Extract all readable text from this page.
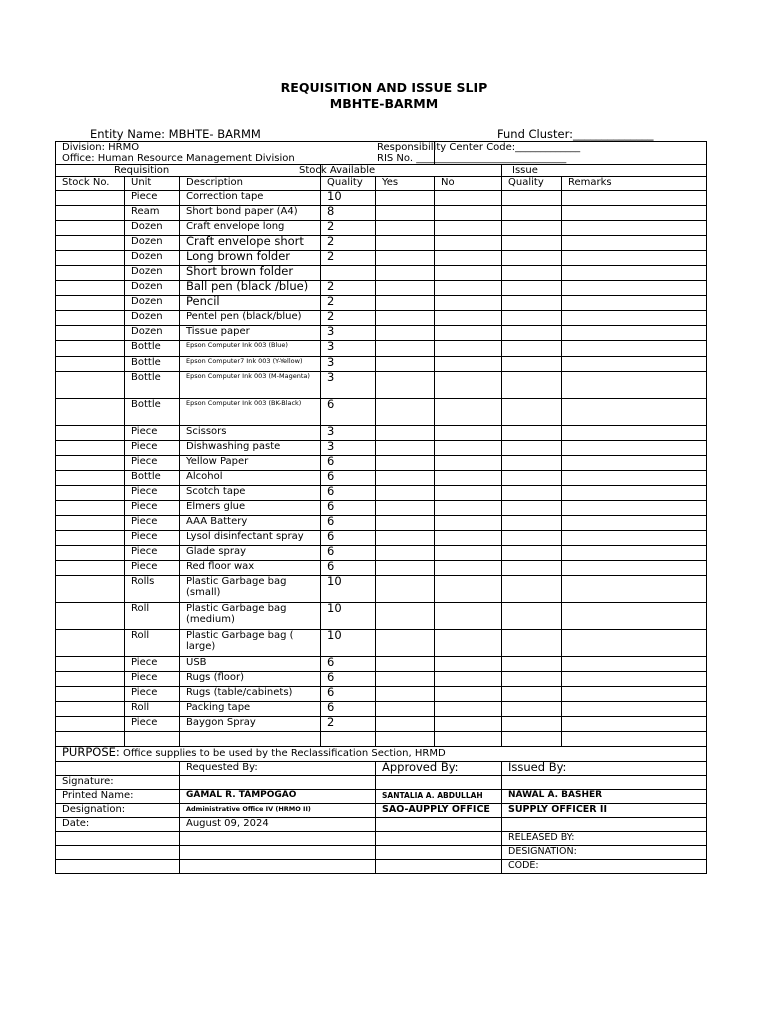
REQUISITION AND ISSUE SLIP
MBHTE-BARMM
Entity Name: MBHTE- BARMM	Fund Cluster:______________
Division: HRMO					Responsibility Center Code:_____________		
Office: Human Resource Management Division					RIS No. ______________________________		
Requisition			Stock Available			Issue	
Stock No.	Unit	Description	Quality	Yes	No	Quality	Remarks
	Piece	Correction tape	10				
	Ream	Short bond paper (A4)	8				
	Dozen	Craft envelope long	2				
	Dozen	Craft envelope short	2				
	Dozen	Long brown folder	2				
	Dozen	Short brown folder					
	Dozen	Ball pen (black /blue)	2				
	Dozen	Pencil	2				
	Dozen	Pentel pen (black/blue)	2				
	Dozen	Tissue paper	3				
	Bottle	Epson Computer Ink 003 (Blue)	3				
	Bottle	Epson Computer7 Ink 003 (Y-Yellow)	3				
	Bottle	Epson Computer Ink 003 (M-Magenta)	3				
	Bottle	Epson Computer Ink 003 (BK-Black)	6				
	Piece	Scissors	3				
	Piece	Dishwashing paste	3				
	Piece	Yellow Paper	6				
	Bottle	Alcohol	6				
	Piece	Scotch tape	6				
	Piece	Elmers glue	6				
	Piece	AAA Battery	6				
	Piece	Lysol disinfectant spray	6				
	Piece	Glade spray	6				
	Piece	Red floor wax	6				
	Rolls	Plastic Garbage bag (small)	10				
	Roll	Plastic Garbage bag (medium)	10				
	Roll	Plastic Garbage bag ( large)	10				
	Piece	USB	6				
	Piece	Rugs (floor)	6				
	Piece	Rugs (table/cabinets)	6				
	Roll	Packing tape	6				
	Piece	Baygon Spray	2				

PURPOSE: Office supplies to be used by the Reclassification Section, HRMD							
		Requested By:		Approved By:		Issued By:	
Signature:							
Printed Name:		GAMAL R. TAMPOGAO		SANTALIA A. ABDULLAH		NAWAL A. BASHER	
Designation:		Administrative Office IV (HRMO II)		SAO-AUPPLY OFFICE		SUPPLY OFFICER II	
Date:		August 09, 2024					
						RELEASED BY:	
						DESIGNATION:	
						CODE:	
